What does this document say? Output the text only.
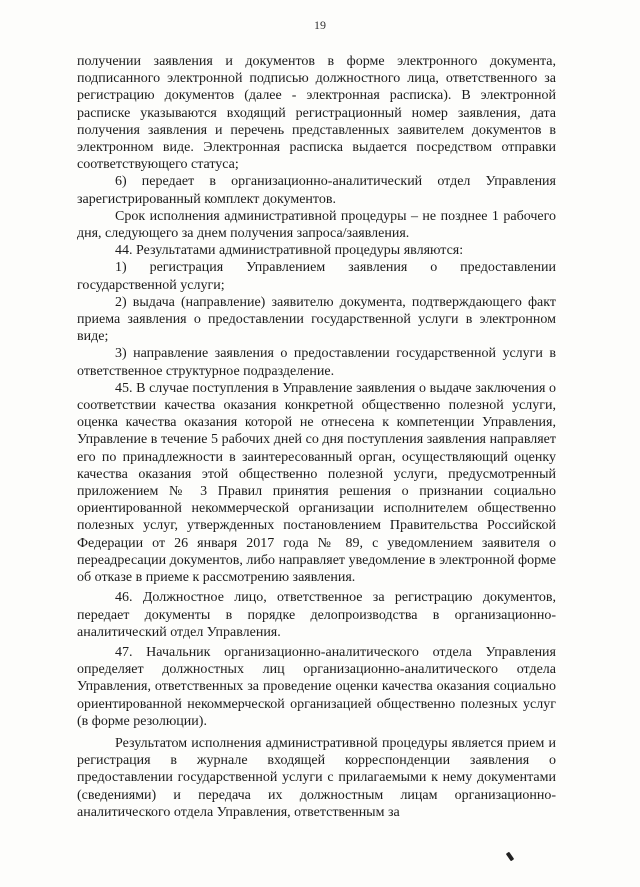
19

получении заявления и документов в форме электронного документа, подписанного электронной подписью должностного лица, ответственного за регистрацию документов (далее - электронная расписка). В электронной расписке указываются входящий регистрационный номер заявления, дата получения заявления и перечень представленных заявителем документов в электронном виде. Электронная расписка выдается посредством отправки соответствующего статуса;

6) передает в организационно-аналитический отдел Управления зарегистрированный комплект документов.

Срок исполнения административной процедуры – не позднее 1 рабочего дня, следующего за днем получения запроса/заявления.

44. Результатами административной процедуры являются:

1) регистрация Управлением заявления о предоставлении государственной услуги;

2) выдача (направление) заявителю документа, подтверждающего факт приема заявления о предоставлении государственной услуги в электронном виде;

3) направление заявления о предоставлении государственной услуги в ответственное структурное подразделение.

45. В случае поступления в Управление заявления о выдаче заключения о соответствии качества оказания конкретной общественно полезной услуги, оценка качества оказания которой не отнесена к компетенции Управления, Управление в течение 5 рабочих дней со дня поступления заявления направляет его по принадлежности в заинтересованный орган, осуществляющий оценку качества оказания этой общественно полезной услуги, предусмотренный приложением № 3 Правил принятия решения о признании социально ориентированной некоммерческой организации исполнителем общественно полезных услуг, утвержденных постановлением Правительства Российской Федерации от 26 января 2017 года № 89, с уведомлением заявителя о переадресации документов, либо направляет уведомление в электронной форме об отказе в приеме к рассмотрению заявления.

46. Должностное лицо, ответственное за регистрацию документов, передает документы в порядке делопроизводства в организационно-аналитический отдел Управления.

47. Начальник организационно-аналитического отдела Управления определяет должностных лиц организационно-аналитического отдела Управления, ответственных за проведение оценки качества оказания социально ориентированной некоммерческой организацией общественно полезных услуг (в форме резолюции).

Результатом исполнения административной процедуры является прием и регистрация в журнале входящей корреспонденции заявления о предоставлении государственной услуги с прилагаемыми к нему документами (сведениями) и передача их должностным лицам организационно-аналитического отдела Управления, ответственным за
